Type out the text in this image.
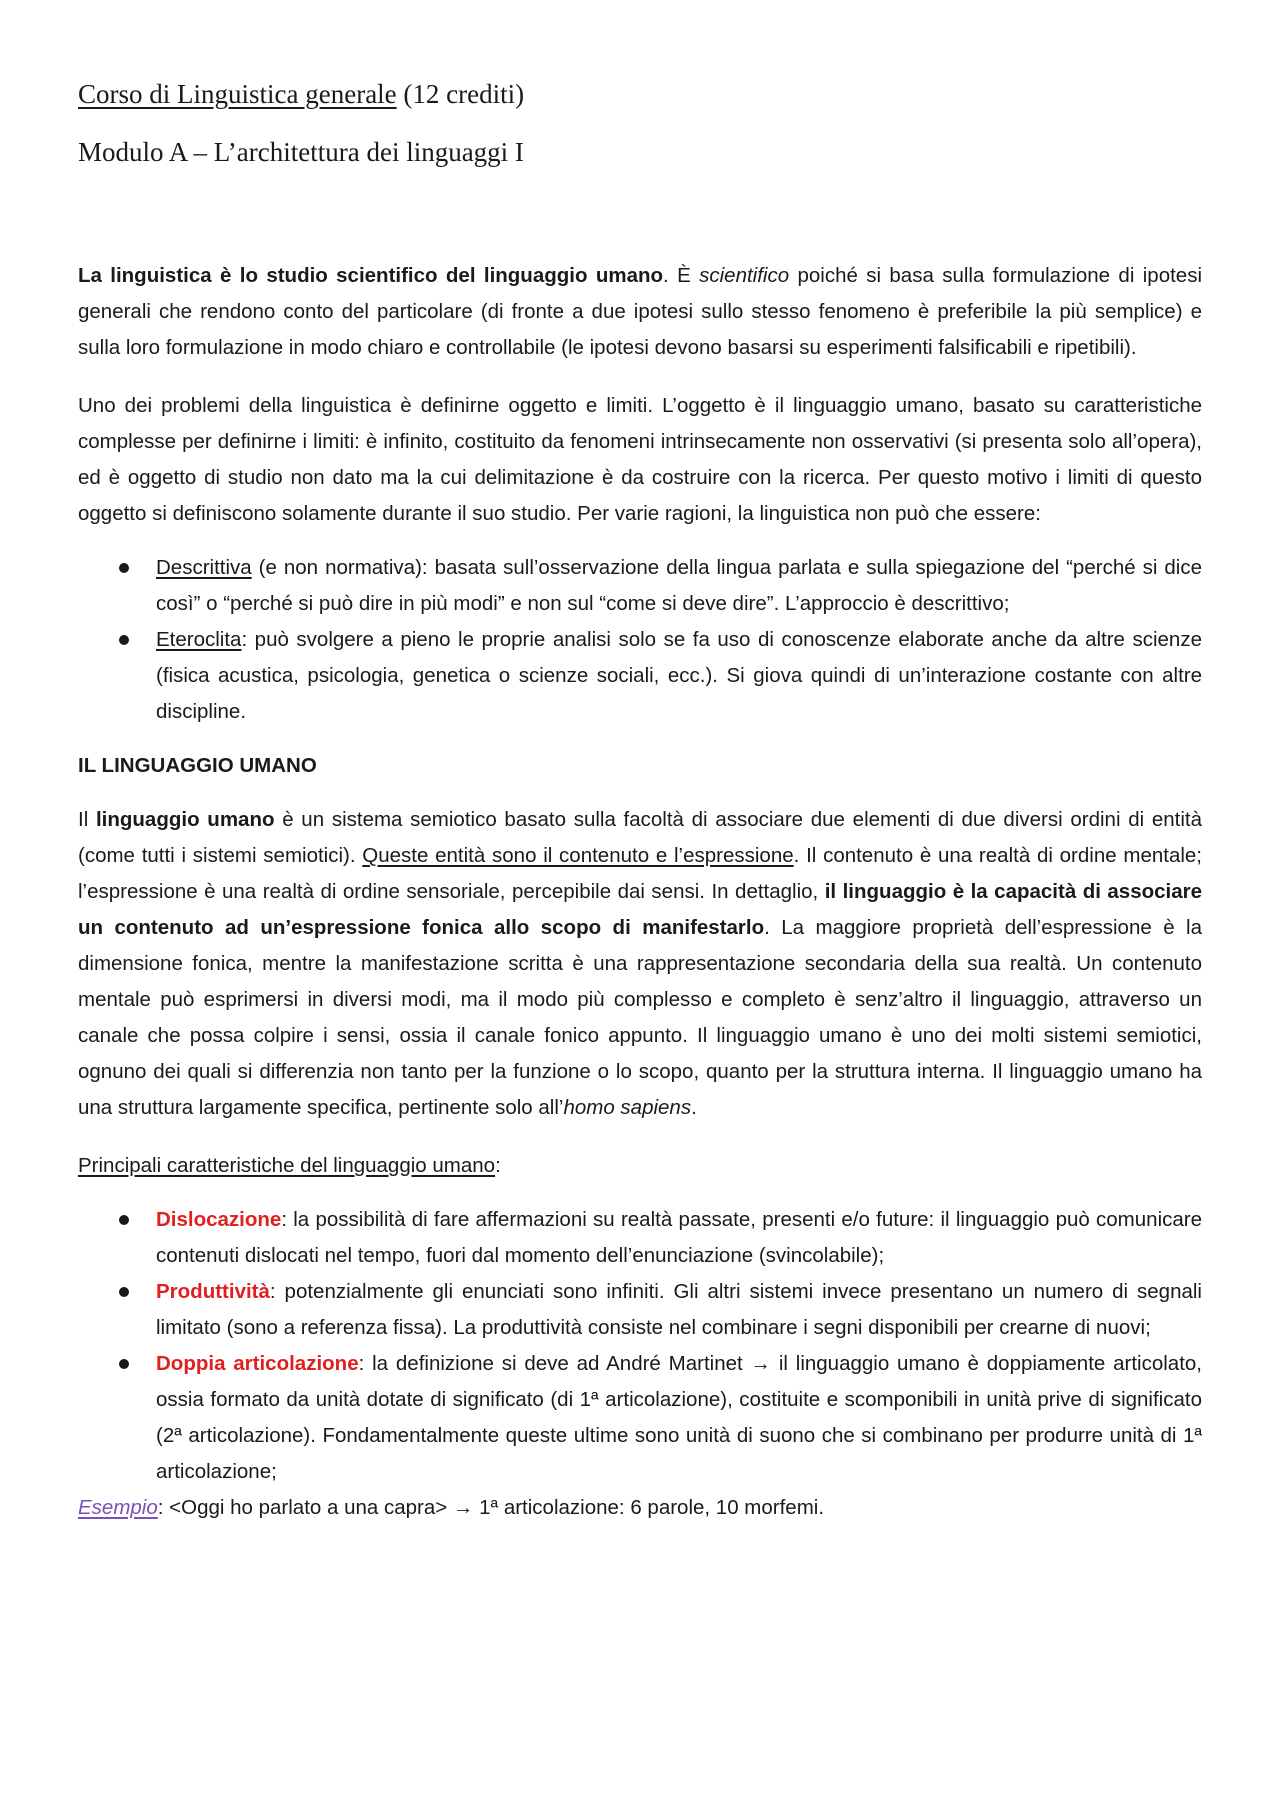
Corso di Linguistica generale (12 crediti)
Modulo A – L’architettura dei linguaggi I

La linguistica è lo studio scientifico del linguaggio umano. È scientifico poiché si basa sulla formulazione di ipotesi generali che rendono conto del particolare (di fronte a due ipotesi sullo stesso fenomeno è preferibile la più semplice) e sulla loro formulazione in modo chiaro e controllabile (le ipotesi devono basarsi su esperimenti falsificabili e ripetibili).

Uno dei problemi della linguistica è definirne oggetto e limiti. L’oggetto è il linguaggio umano, basato su caratteristiche complesse per definirne i limiti: è infinito, costituito da fenomeni intrinsecamente non osservativi (si presenta solo all’opera), ed è oggetto di studio non dato ma la cui delimitazione è da costruire con la ricerca. Per questo motivo i limiti di questo oggetto si definiscono solamente durante il suo studio. Per varie ragioni, la linguistica non può che essere:

Descrittiva (e non normativa): basata sull’osservazione della lingua parlata e sulla spiegazione del “perché si dice così” o “perché si può dire in più modi” e non sul “come si deve dire”. L’approccio è descrittivo;
Eteroclita: può svolgere a pieno le proprie analisi solo se fa uso di conoscenze elaborate anche da altre scienze (fisica acustica, psicologia, genetica o scienze sociali, ecc.). Si giova quindi di un’interazione costante con altre discipline.
IL LINGUAGGIO UMANO

Il linguaggio umano è un sistema semiotico basato sulla facoltà di associare due elementi di due diversi ordini di entità (come tutti i sistemi semiotici). Queste entità sono il contenuto e l’espressione. Il contenuto è una realtà di ordine mentale; l’espressione è una realtà di ordine sensoriale, percepibile dai sensi. In dettaglio, il linguaggio è la capacità di associare un contenuto ad un’espressione fonica allo scopo di manifestarlo. La maggiore proprietà dell’espressione è la dimensione fonica, mentre la manifestazione scritta è una rappresentazione secondaria della sua realtà. Un contenuto mentale può esprimersi in diversi modi, ma il modo più complesso e completo è senz’altro il linguaggio, attraverso un canale che possa colpire i sensi, ossia il canale fonico appunto. Il linguaggio umano è uno dei molti sistemi semiotici, ognuno dei quali si differenzia non tanto per la funzione o lo scopo, quanto per la struttura interna. Il linguaggio umano ha una struttura largamente specifica, pertinente solo all’homo sapiens.

Principali caratteristiche del linguaggio umano:

Dislocazione: la possibilità di fare affermazioni su realtà passate, presenti e/o future: il linguaggio può comunicare contenuti dislocati nel tempo, fuori dal momento dell’enunciazione (svincolabile);
Produttività: potenzialmente gli enunciati sono infiniti. Gli altri sistemi invece presentano un numero di segnali limitato (sono a referenza fissa). La produttività consiste nel combinare i segni disponibili per crearne di nuovi;
Doppia articolazione: la definizione si deve ad André Martinet → il linguaggio umano è doppiamente articolato, ossia formato da unità dotate di significato (di 1ª articolazione), costituite e scomponibili in unità prive di significato (2ª articolazione). Fondamentalmente queste ultime sono unità di suono che si combinano per produrre unità di 1ª articolazione;
Esempio: <Oggi ho parlato a una capra> → 1ª articolazione: 6 parole, 10 morfemi.
